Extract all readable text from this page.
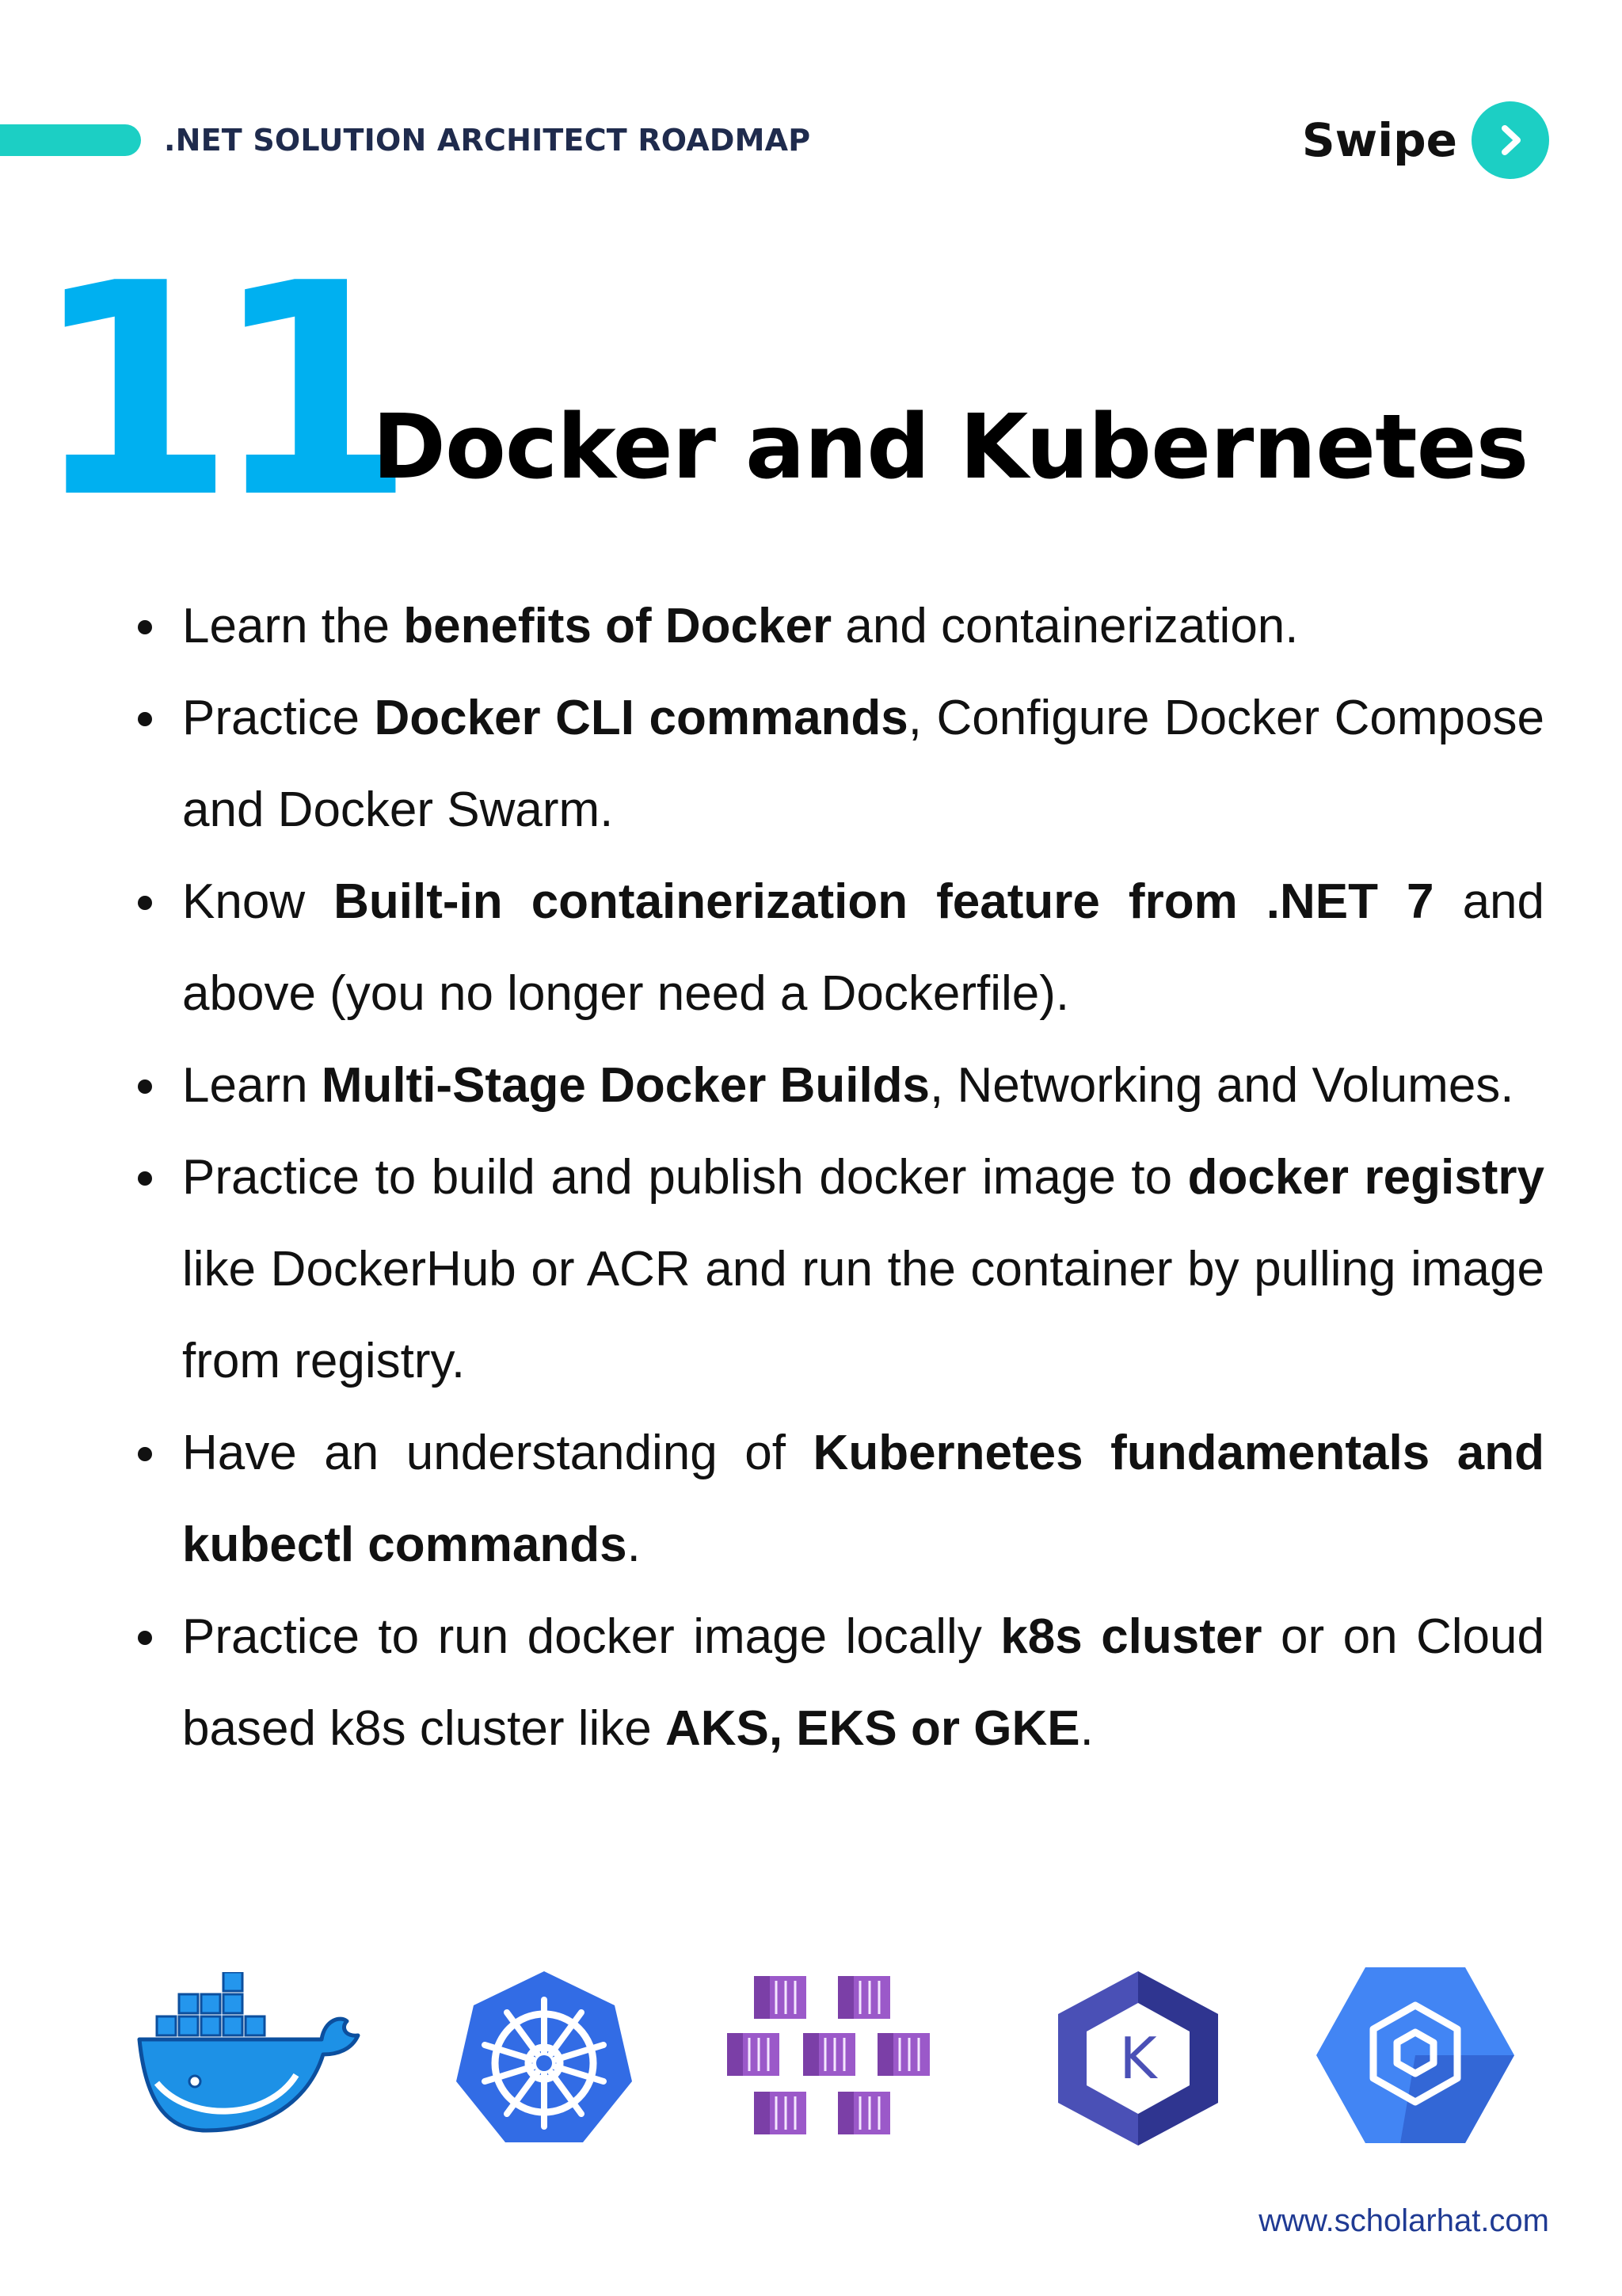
.NET SOLUTION ARCHITECT ROADMAP	Swipe
11
Docker and Kubernetes
Learn the benefits of Docker and containerization.
Practice Docker CLI commands, Configure Docker Compose and Docker Swarm.
Know Built-in containerization feature from .NET 7 and above (you no longer need a Dockerfile).
Learn Multi-Stage Docker Builds, Networking and Volumes.
Practice to build and publish docker image to docker registry like DockerHub or ACR and run the container by pulling image from registry.
Have an understanding of Kubernetes fundamentals and kubectl commands.
Practice to run docker image locally k8s cluster or on Cloud based k8s cluster like AKS, EKS or GKE.
K
www.scholarhat.com
